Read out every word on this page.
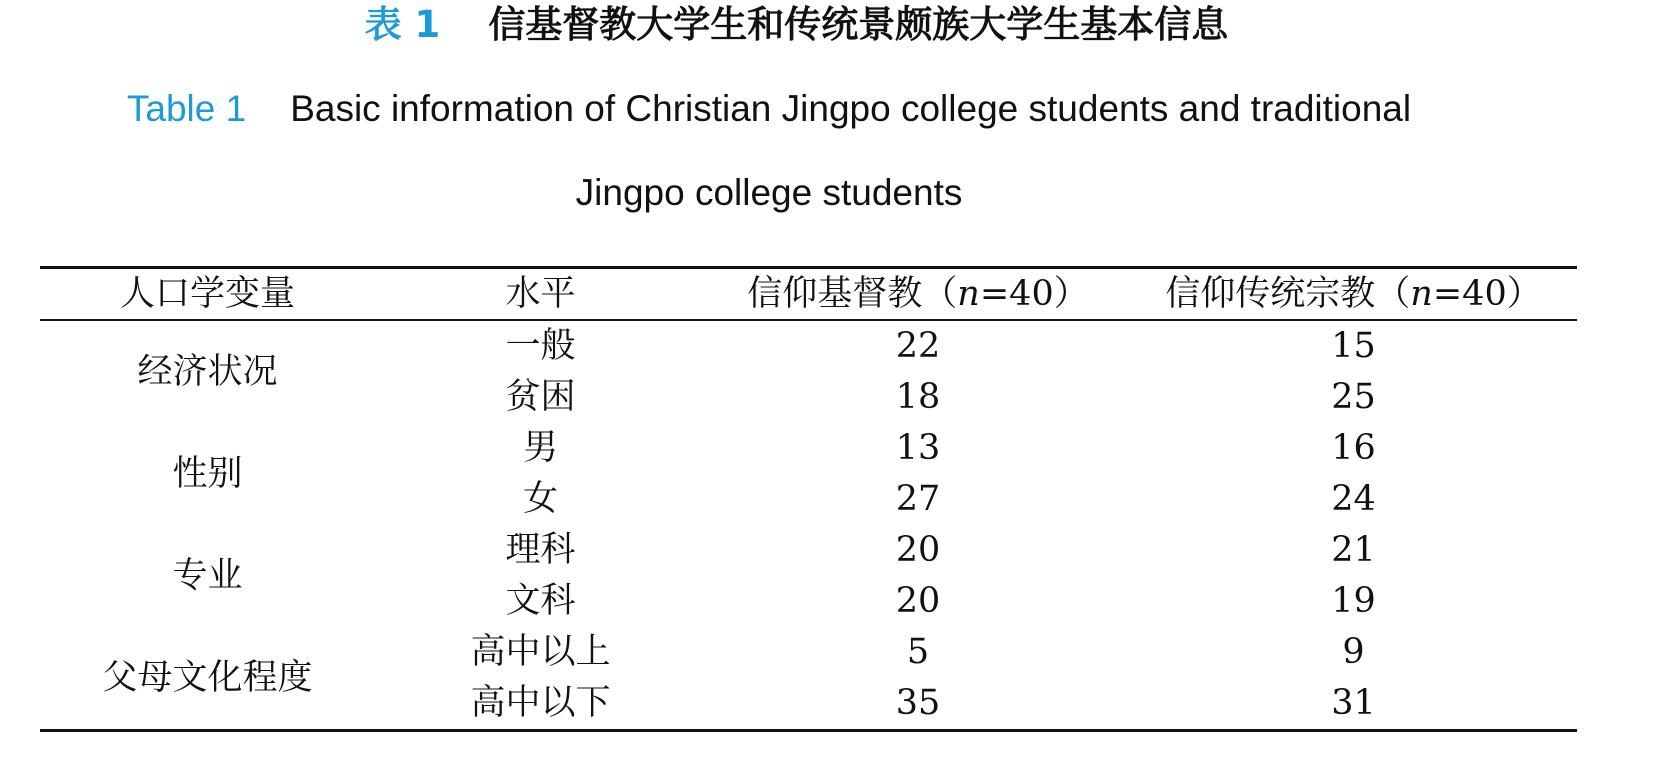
表 1 信基督教大学生和传统景颇族大学生基本信息
Table 1 Basic information of Christian Jingpo college students and traditional
Jingpo college students
人口学变量	水平	信仰基督教（n=40）	信仰传统宗教（n=40）
经济状况	一般	22	15
	贫困	18	25
性别	男	13	16
	女	27	24
专业	理科	20	21
	文科	20	19
父母文化程度	高中以上	5	9
	高中以下	35	31
